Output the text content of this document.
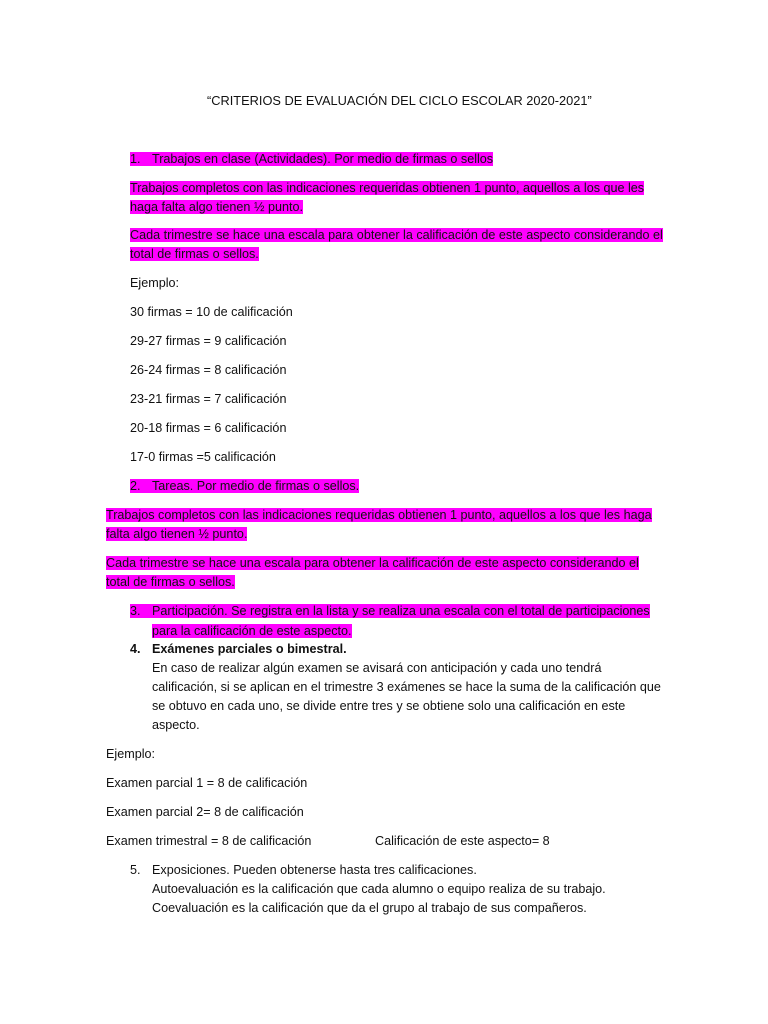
“CRITERIOS DE EVALUACIÓN DEL CICLO ESCOLAR 2020-2021”
1. Trabajos en clase (Actividades). Por medio de firmas o sellos
Trabajos completos con las indicaciones requeridas obtienen 1 punto, aquellos a los que les
haga falta algo tienen ½ punto.
Cada trimestre se hace una escala para obtener la calificación de este aspecto considerando el
total de firmas o sellos.
Ejemplo:
30 firmas = 10 de calificación
29-27 firmas = 9 calificación
26-24 firmas = 8 calificación
23-21 firmas = 7 calificación
20-18 firmas = 6 calificación
17-0 firmas =5 calificación
2. Tareas. Por medio de firmas o sellos.
Trabajos completos con las indicaciones requeridas obtienen 1 punto, aquellos a los que les haga
falta algo tienen ½ punto.
Cada trimestre se hace una escala para obtener la calificación de este aspecto considerando el
total de firmas o sellos.
3. Participación. Se registra en la lista y se realiza una escala con el total de participaciones
para la calificación de este aspecto.
4. Exámenes parciales o bimestral.
En caso de realizar algún examen se avisará con anticipación y cada uno tendrá
calificación, si se aplican en el trimestre 3 exámenes se hace la suma de la calificación que
se obtuvo en cada uno, se divide entre tres y se obtiene solo una calificación en este
aspecto.
Ejemplo:
Examen parcial 1 = 8 de calificación
Examen parcial 2= 8 de calificación
Examen trimestral = 8 de calificación	Calificación de este aspecto= 8
5. Exposiciones. Pueden obtenerse hasta tres calificaciones.
Autoevaluación es la calificación que cada alumno o equipo realiza de su trabajo.
Coevaluación es la calificación que da el grupo al trabajo de sus compañeros.
